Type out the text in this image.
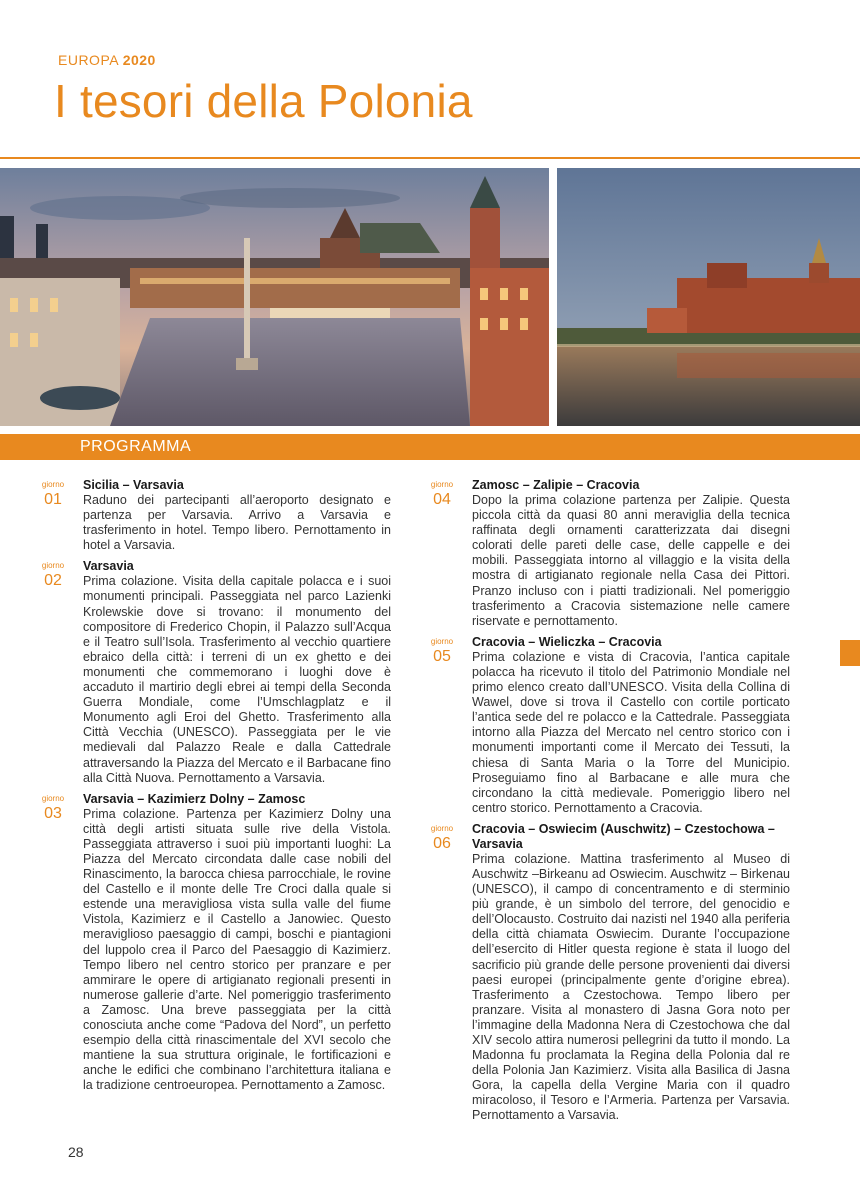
EUROPA 2020
I tesori della Polonia
PROGRAMMA
giorno
01
Sicilia – Varsavia
Raduno dei partecipanti all’aeroporto designato e partenza per Varsavia. Arrivo a Varsavia e trasferimento in hotel. Tempo libero. Pernottamento in hotel a Varsavia.
giorno
02
Varsavia
Prima colazione. Visita della capitale polacca e i suoi monumenti principali. Passeggiata nel parco Lazienki Krolewskie dove si trovano: il monumento del compositore di Frederico Chopin, il Palazzo sull’Acqua e il Teatro sull’Isola. Trasferimento al vecchio quartiere ebraico della città: i terreni di un ex ghetto e dei monumenti che commemorano i luoghi dove è accaduto il martirio degli ebrei ai tempi della Seconda Guerra Mondiale, come l’Umschlagplatz e il Monumento agli Eroi del Ghetto. Trasferimento alla Città Vecchia (UNESCO). Passeggiata per le vie medievali dal Palazzo Reale e dalla Cattedrale attraversando la Piazza del Mercato e il Barbacane fino alla Città Nuova. Pernottamento a Varsavia.
giorno
03
Varsavia – Kazimierz Dolny – Zamosc
Prima colazione. Partenza per Kazimierz Dolny una città degli artisti situata sulle rive della Vistola. Passeggiata attraverso i suoi più importanti luoghi: La Piazza del Mercato circondata dalle case nobili del Rinascimento, la barocca chiesa parrocchiale, le rovine del Castello e il monte delle Tre Croci dalla quale si estende una meravigliosa vista sulla valle del fiume Vistola, Kazimierz e il Castello a Janowiec. Questo meraviglioso paesaggio di campi, boschi e piantagioni del luppolo crea il Parco del Paesaggio di Kazimierz. Tempo libero nel centro storico per pranzare e per ammirare le opere di artigianato regionali presenti in numerose gallerie d’arte. Nel pomeriggio trasferimento a Zamosc. Una breve passeggiata per la città conosciuta anche come “Padova del Nord”, un perfetto esempio della città rinascimentale del XVI secolo che mantiene la sua struttura originale, le fortificazioni e anche le edifici che combinano l’architettura italiana e la tradizione centroeuropea. Pernottamento a Zamosc.
giorno
04
Zamosc – Zalipie – Cracovia
Dopo la prima colazione partenza per Zalipie. Questa piccola città da quasi 80 anni meraviglia della tecnica raffinata degli ornamenti caratterizzata dai disegni colorati delle pareti delle case, delle cappelle e dei mobili. Passeggiata intorno al villaggio e la visita della mostra di artigianato regionale nella Casa dei Pittori. Pranzo incluso con i piatti tradizionali. Nel pomeriggio trasferimento a Cracovia sistemazione nelle camere riservate e pernottamento.
giorno
05
Cracovia – Wieliczka – Cracovia
Prima colazione e vista di Cracovia, l’antica capitale polacca ha ricevuto il titolo del Patrimonio Mondiale nel primo elenco creato dall’UNESCO. Visita della Collina di Wawel, dove si trova il Castello con cortile porticato l’antica sede del re polacco e la Cattedrale. Passeggiata intorno alla Piazza del Mercato nel centro storico con i monumenti importanti come il Mercato dei Tessuti, la chiesa di Santa Maria o la Torre del Municipio. Proseguiamo fino al Barbacane e alle mura che circondano la città medievale. Pomeriggio libero nel centro storico. Pernottamento a Cracovia.
giorno
06
Cracovia – Oswiecim (Auschwitz) – Czestochowa – Varsavia
Prima colazione. Mattina trasferimento al Museo di Auschwitz –Birkeanu ad Oswiecim. Auschwitz – Birkenau (UNESCO), il campo di concentramento e di sterminio più grande, è un simbolo del terrore, del genocidio e dell’Olocausto. Costruito dai nazisti nel 1940 alla periferia della città chiamata Oswiecim. Durante l’occupazione dell’esercito di Hitler questa regione è stata il luogo del sacrificio più grande delle persone provenienti dai diversi paesi europei (principalmente gente d’origine ebrea). Trasferimento a Czestochowa. Tempo libero per pranzare. Visita al monastero di Jasna Gora noto per l’immagine della Madonna Nera di Czestochowa che dal XIV secolo attira numerosi pellegrini da tutto il mondo. La Madonna fu proclamata la Regina della Polonia dal re della Polonia Jan Kazimierz. Visita alla Basilica di Jasna Gora, la capella della Vergine Maria con il quadro miracoloso, il Tesoro e l’Armeria. Partenza per Varsavia. Pernottamento a Varsavia.
28
